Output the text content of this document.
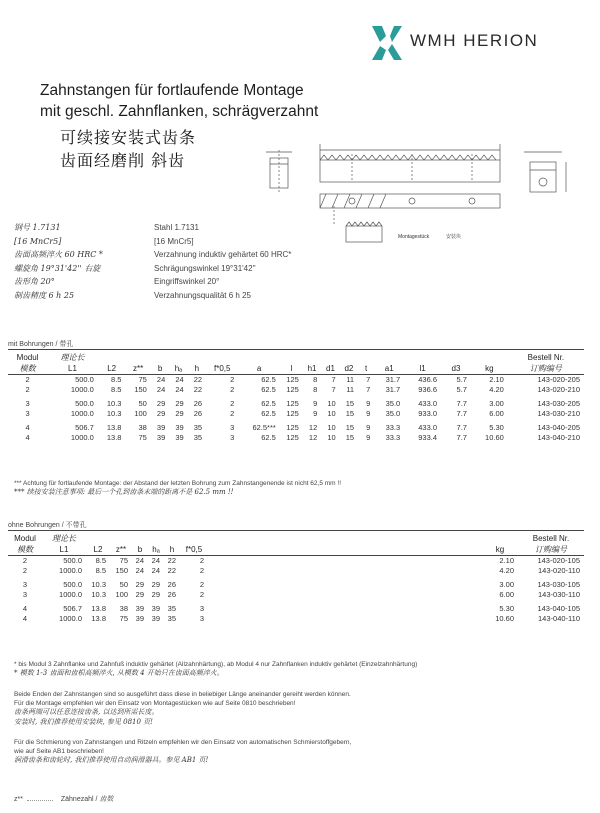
WMH HERION
Zahnstangen für fortlaufende Montage
mit geschl. Zahnflanken, schrägverzahnt
可续接安装式齿条
齿面经磨削 斜齿
Montagestück	安装块
钢号 1.7131	Stahl 1.7131
[16 MnCr5]	[16 MnCr5]
齿面高频淬火 60 HRC *	Verzahnung induktiv gehärtet 60 HRC*
螺旋角 19°31'42'' 右旋	Schrägungswinkel 19°31'42''
齿形角 20°	Eingriffswinkel 20°
制齿精度 6 h 25	Verzahnungsqualität 6 h 25
mit Bohrungen / 带孔
Modul	理论长																	Bestell Nr.
模数	L1	L2	z**	b	hₐ	h	f*0,5	a	l	h1	d1	d2	t	a1	l1	d3	kg	订购编号
2	500.0	8.5	75	24	24	22	2	62.5	125	8	7	11	7	31.7	436.6	5.7	2.10	143-020-205
2	1000.0	8.5	150	24	24	22	2	62.5	125	8	7	11	7	31.7	936.6	5.7	4.20	143-020-210

3	500.0	10.3	50	29	29	26	2	62.5	125	9	10	15	9	35.0	433.0	7.7	3.00	143-030-205
3	1000.0	10.3	100	29	29	26	2	62.5	125	9	10	15	9	35.0	933.0	7.7	6.00	143-030-210

4	506.7	13.8	38	39	39	35	3	62.5***	125	12	10	15	9	33.3	433.0	7.7	5.30	143-040-205
4	1000.0	13.8	75	39	39	35	3	62.5	125	12	10	15	9	33.3	933.4	7.7	10.60	143-040-210
*** Achtung für fortlaufende Montage: der Abstand der letzten Bohrung zum Zahnstangenende ist nicht 62,5 mm !!
*** 续接安装注意事项: 最后一个孔到齿条末端的距离不是 62.5 mm !!
ohne Bohrungen / 不带孔
Modul	理论长									Bestell Nr.
模数	L1	L2	z**	b	hₐ	h	f*0,5		kg	订购编号
2	500.0	8.5	75	24	24	22	2		2.10	143-020-105
2	1000.0	8.5	150	24	24	22	2		4.20	143-020-110

3	500.0	10.3	50	29	29	26	2		3.00	143-030-105
3	1000.0	10.3	100	29	29	26	2		6.00	143-030-110

4	506.7	13.8	38	39	39	35	3		5.30	143-040-105
4	1000.0	13.8	75	39	39	35	3		10.60	143-040-110
* bis Modul 3 Zahnflanke und Zahnfuß induktiv gehärtet (Allzahnhärtung), ab Modul 4 nur Zahnflanken induktiv gehärtet (Einzelzahnhärtung)
* 模数 1-3 齿面和齿根高频淬火, 从模数 4 开始只在齿面高频淬火。
Beide Enden der Zahnstangen sind so ausgeführt dass diese in beliebiger Länge aneinander gereiht werden können.
Für die Montage empfehlen wir den Einsatz von Montagestücken wie auf Seite 0810 beschrieben!
齿条两端可以任意连接齿条, 以达到所需长度。
安装时, 我们推荐使用安装块, 参见 0810 页!
Für die Schmierung von Zahnstangen und Ritzeln empfehlen wir den Einsatz von automatischen Schmierstoffgebern,
wie auf Seite AB1 beschrieben!
润滑齿条和齿轮时, 我们推荐使用自动润滑器具。参见 AB1 页!
z**	Zähnezahl / 齿数
